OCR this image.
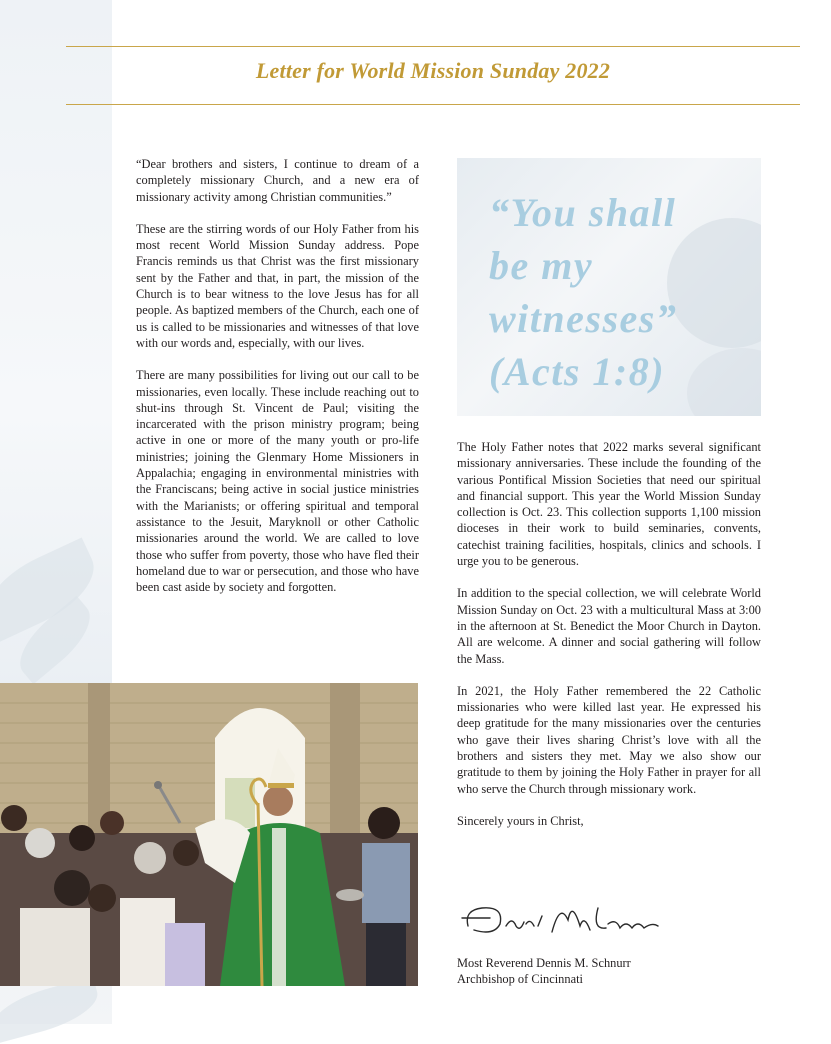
Letter for World Mission Sunday 2022

“Dear brothers and sisters, I continue to dream of a completely missionary Church, and a new era of missionary activity among Christian communities.”

These are the stirring words of our Holy Father from his most recent World Mission Sunday address. Pope Francis reminds us that Christ was the first missionary sent by the Father and that, in part, the mission of the Church is to bear witness to the love Jesus has for all people. As baptized members of the Church, each one of us is called to be missionaries and witnesses of that love with our words and, especially, with our lives.

There are many possibilities for living out our call to be missionaries, even locally. These include reaching out to shut-ins through St. Vincent de Paul; visiting the incarcerated with the prison ministry program; being active in one or more of the many youth or pro-life ministries; joining the Glenmary Home Missioners in Appalachia; engaging in environmental ministries with the Franciscans; being active in social justice ministries with the Marianists; or offering spiritual and temporal assistance to the Jesuit, Maryknoll or other Catholic missionaries around the world. We are called to love those who suffer from poverty, those who have fled their homeland due to war or persecution, and those who have been cast aside by society and forgotten.

“You shall
be my
witnesses”
(Acts 1:8)

The Holy Father notes that 2022 marks several significant missionary anniversaries. These include the founding of the various Pontifical Mission Societies that need our spiritual and financial support. This year the World Mission Sunday collection is Oct. 23. This collection supports 1,100 mission dioceses in their work to build seminaries, convents, catechist training facilities, hospitals, clinics and schools. I urge you to be generous.

In addition to the special collection, we will celebrate World Mission Sunday on Oct. 23 with a multicultural Mass at 3:00 in the afternoon at St. Benedict the Moor Church in Dayton. All are welcome. A dinner and social gathering will follow the Mass.

In 2021, the Holy Father remembered the 22 Catholic missionaries who were killed last year. He expressed his deep gratitude for the many missionaries over the centuries who gave their lives sharing Christ’s love with all the brothers and sisters they met. May we also show our gratitude to them by joining the Holy Father in prayer for all who serve the Church through missionary work.

Sincerely yours in Christ,

Most Reverend Dennis M. Schnurr
Archbishop of Cincinnati
